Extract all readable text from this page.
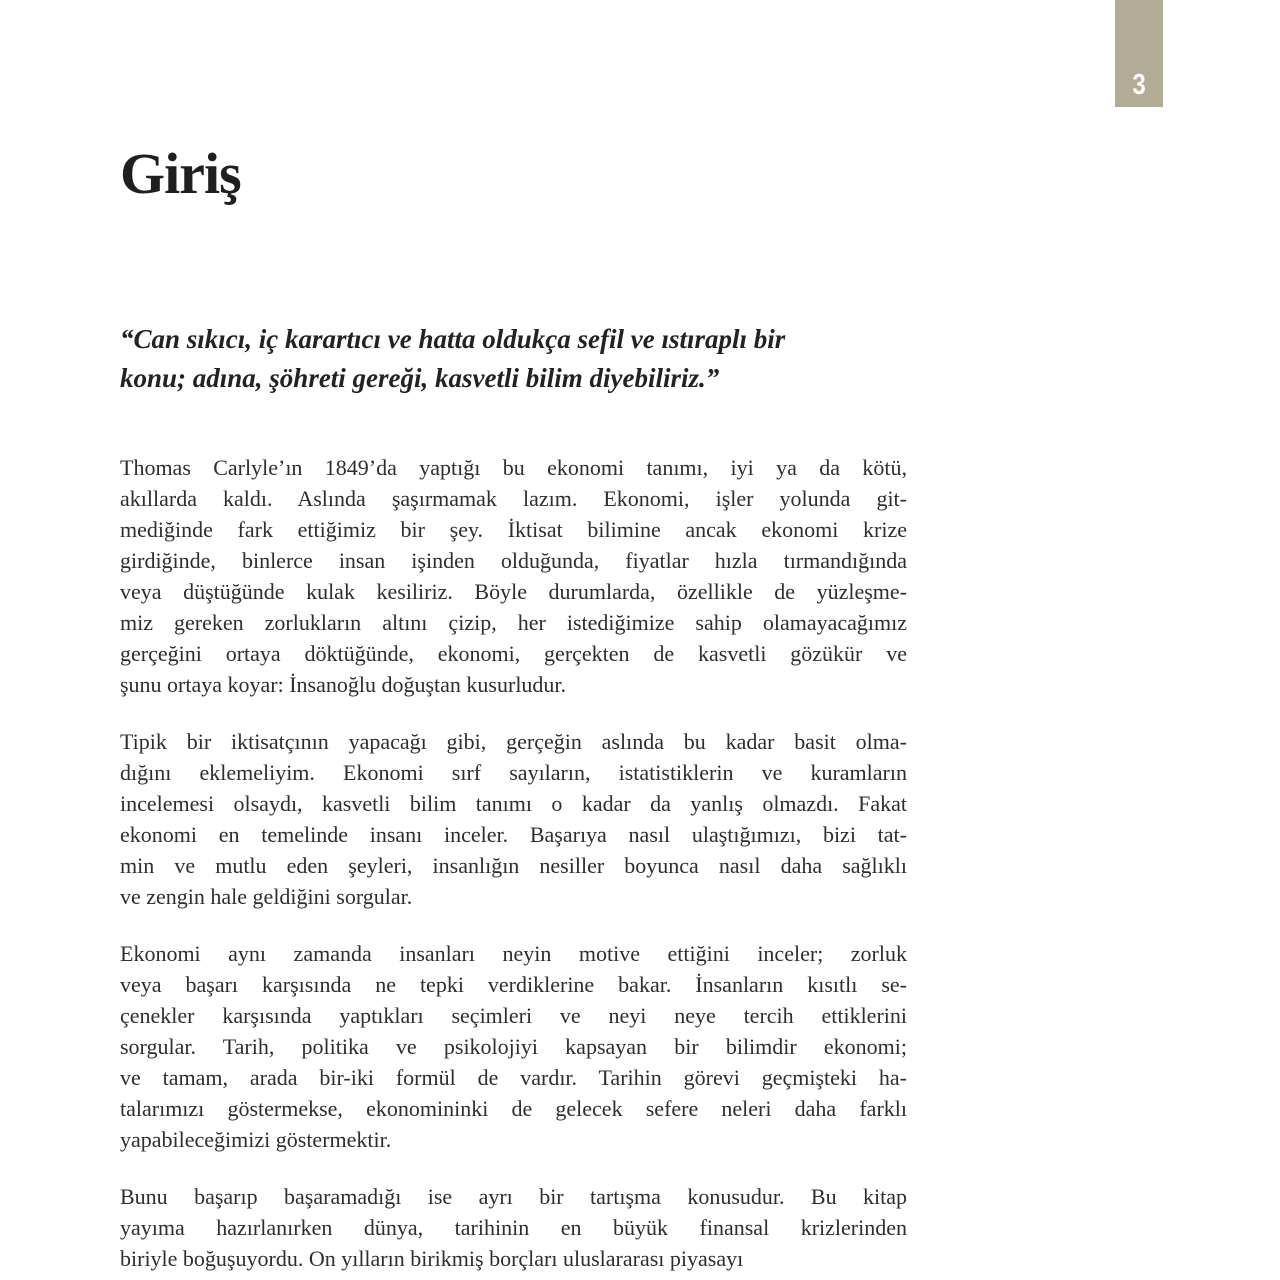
3
Giriş
“Can sıkıcı, iç karartıcı ve hatta oldukça sefil ve ıstıraplı bir
konu; adına, şöhreti gereği, kasvetli bilim diyebiliriz.”
Thomas Carlyle’ın 1849’da yaptığı bu ekonomi tanımı, iyi ya da kötü,
akıllarda kaldı. Aslında şaşırmamak lazım. Ekonomi, işler yolunda git-
mediğinde fark ettiğimiz bir şey. İktisat bilimine ancak ekonomi krize
girdiğinde, binlerce insan işinden olduğunda, fiyatlar hızla tırmandığında
veya düştüğünde kulak kesiliriz. Böyle durumlarda, özellikle de yüzleşme-
miz gereken zorlukların altını çizip, her istediğimize sahip olamayacağımız
gerçeğini ortaya döktüğünde, ekonomi, gerçekten de kasvetli gözükür ve
şunu ortaya koyar: İnsanoğlu doğuştan kusurludur.
Tipik bir iktisatçının yapacağı gibi, gerçeğin aslında bu kadar basit olma-
dığını eklemeliyim. Ekonomi sırf sayıların, istatistiklerin ve kuramların
incelemesi olsaydı, kasvetli bilim tanımı o kadar da yanlış olmazdı. Fakat
ekonomi en temelinde insanı inceler. Başarıya nasıl ulaştığımızı, bizi tat-
min ve mutlu eden şeyleri, insanlığın nesiller boyunca nasıl daha sağlıklı
ve zengin hale geldiğini sorgular.
Ekonomi aynı zamanda insanları neyin motive ettiğini inceler; zorluk
veya başarı karşısında ne tepki verdiklerine bakar. İnsanların kısıtlı se-
çenekler karşısında yaptıkları seçimleri ve neyi neye tercih ettiklerini
sorgular. Tarih, politika ve psikolojiyi kapsayan bir bilimdir ekonomi;
ve tamam, arada bir-iki formül de vardır. Tarihin görevi geçmişteki ha-
talarımızı göstermekse, ekonomininki de gelecek sefere neleri daha farklı
yapabileceğimizi göstermektir.
Bunu başarıp başaramadığı ise ayrı bir tartışma konusudur. Bu kitap
yayıma hazırlanırken dünya, tarihinin en büyük finansal krizlerinden
biriyle boğuşuyordu. On yılların birikmiş borçları uluslararası piyasayı
